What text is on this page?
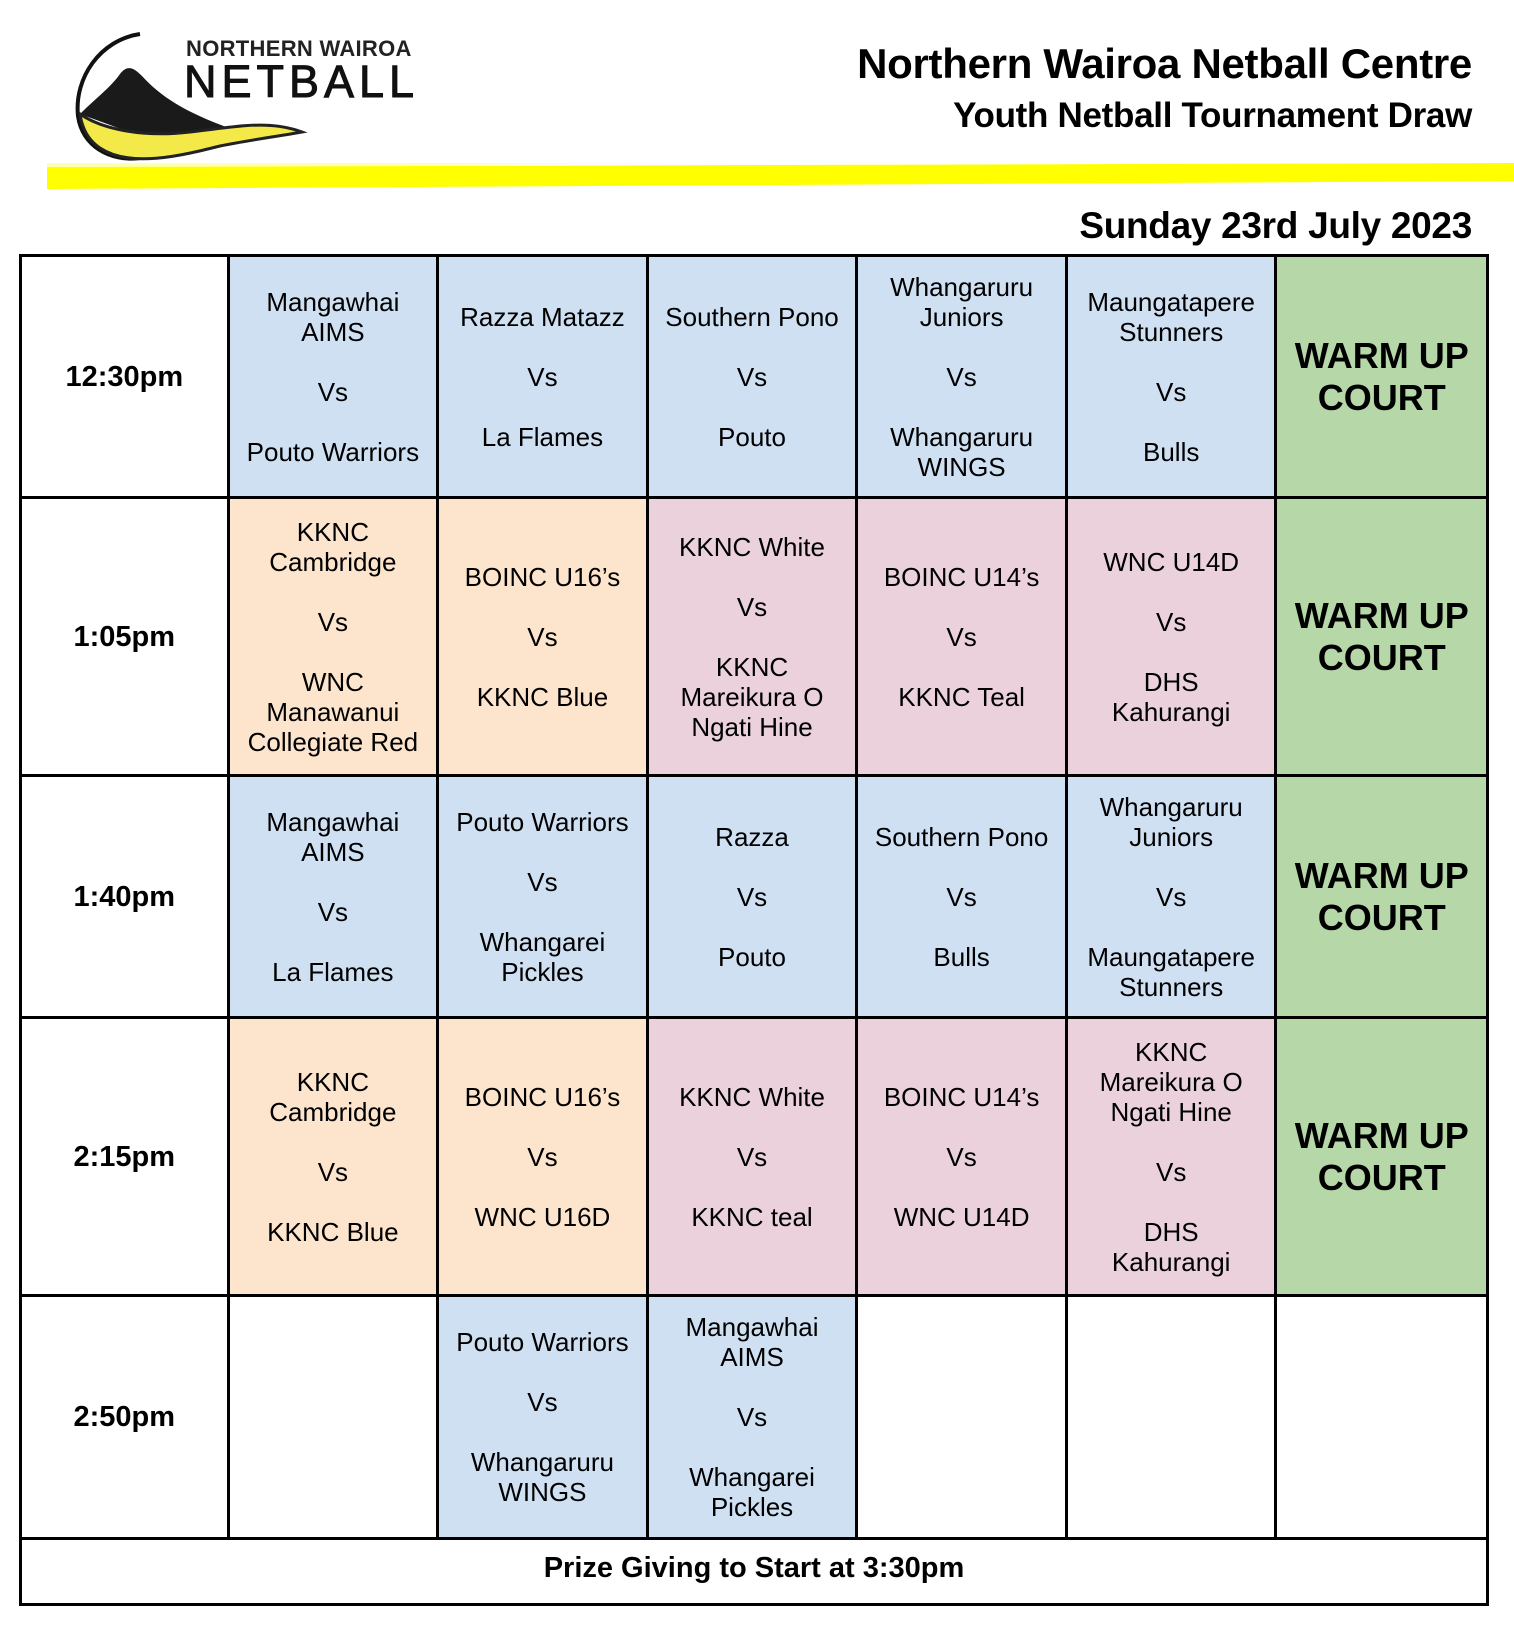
NORTHERN WAIROA
NETBALL	Northern Wairoa Netball Centre
Youth Netball Tournament Draw
Sunday 23rd July 2023
12:30pm
Mangawhai AIMS
Vs
Pouto Warriors
Razza Matazz
Vs
La Flames
Southern Pono
Vs
Pouto
Whangaruru Juniors
Vs
Whangaruru WINGS
Maungatapere Stunners
Vs
Bulls
WARM UP
COURT
1:05pm
KKNC Cambridge
Vs
WNC Manawanui Collegiate Red
BOINC U16’s
Vs
KKNC Blue
KKNC White
Vs
KKNC Mareikura O Ngati Hine
BOINC U14’s
Vs
KKNC Teal
WNC U14D
Vs
DHS Kahurangi
WARM UP
COURT
1:40pm
Mangawhai AIMS
Vs
La Flames
Pouto Warriors
Vs
Whangarei Pickles
Razza
Vs
Pouto
Southern Pono
Vs
Bulls
Whangaruru Juniors
Vs
Maungatapere Stunners
WARM UP
COURT
2:15pm
KKNC Cambridge
Vs
KKNC Blue
BOINC U16’s
Vs
WNC U16D
KKNC White
Vs
KKNC teal
BOINC U14’s
Vs
WNC U14D
KKNC Mareikura O Ngati Hine
Vs
DHS Kahurangi
WARM UP
COURT
2:50pm
Pouto Warriors
Vs
Whangaruru WINGS
Mangawhai AIMS
Vs
Whangarei Pickles
Prize Giving to Start at 3:30pm
